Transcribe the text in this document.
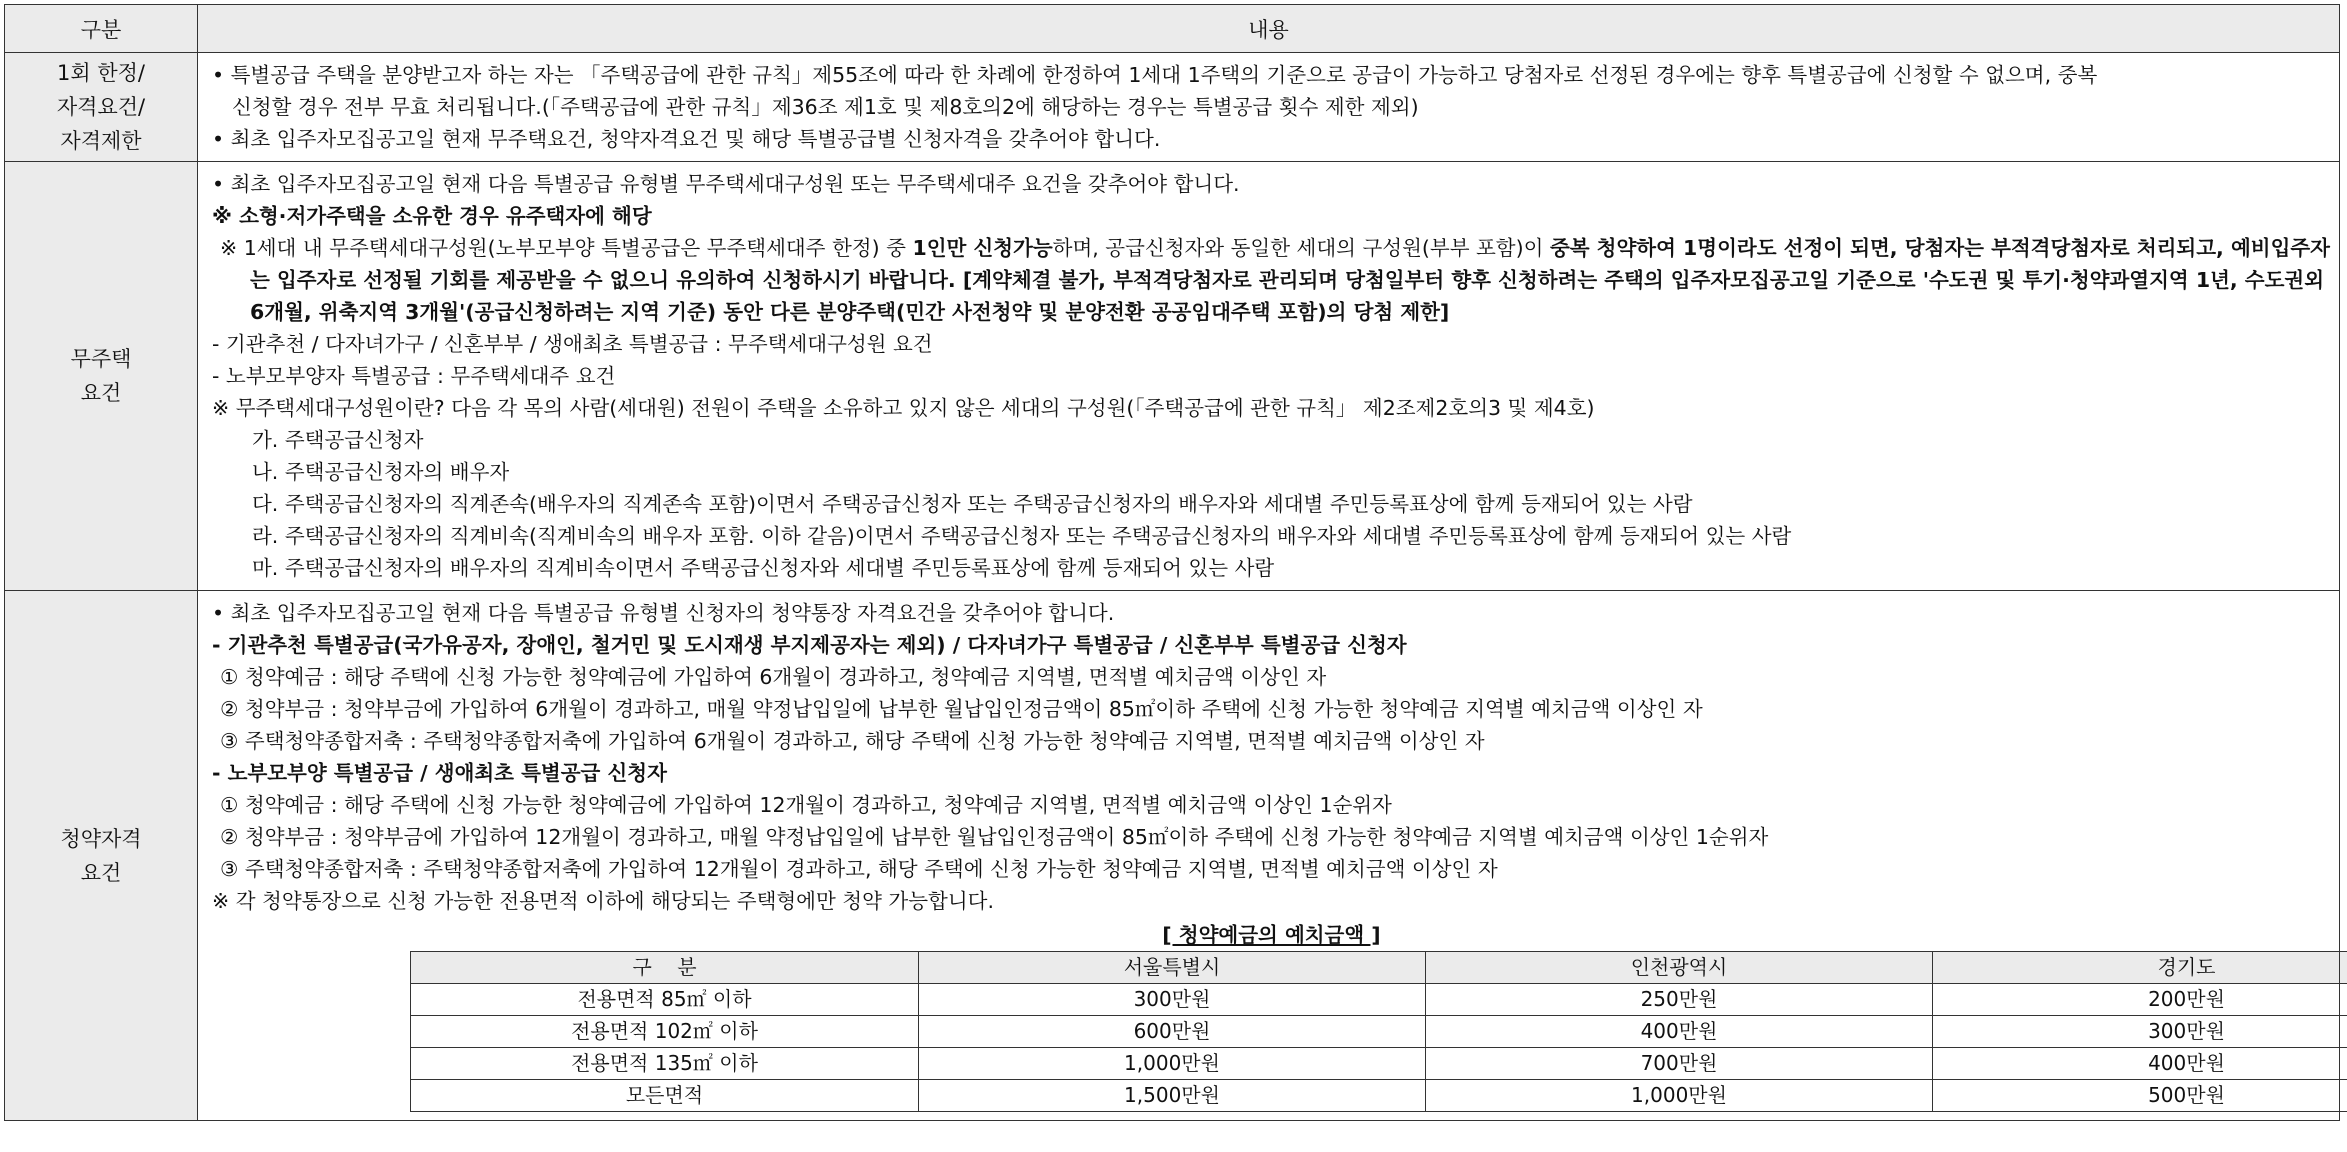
구분	내용

1회 한정/
자격요건/
자격제한

• 특별공급 주택을 분양받고자 하는 자는 「주택공급에 관한 규칙」제55조에 따라 한 차례에 한정하여 1세대 1주택의 기준으로 공급이 가능하고 당첨자로 선정된 경우에는 향후 특별공급에 신청할 수 없으며, 중복
신청할 경우 전부 무효 처리됩니다.(「주택공급에 관한 규칙」제36조 제1호 및 제8호의2에 해당하는 경우는 특별공급 횟수 제한 제외)
• 최초 입주자모집공고일 현재 무주택요건, 청약자격요건 및 해당 특별공급별 신청자격을 갖추어야 합니다.

무주택
요건

• 최초 입주자모집공고일 현재 다음 특별공급 유형별 무주택세대구성원 또는 무주택세대주 요건을 갖추어야 합니다.
※ 소형·저가주택을 소유한 경우 유주택자에 해당
※ 1세대 내 무주택세대구성원(노부모부양 특별공급은 무주택세대주 한정) 중 1인만 신청가능하며, 공급신청자와 동일한 세대의 구성원(부부 포함)이 중복 청약하여 1명이라도 선정이 되면, 당첨자는 부적격당첨자로 처리되고, 예비입주자는 입주자로 선정될 기회를 제공받을 수 없으니 유의하여 신청하시기 바랍니다. [계약체결 불가, 부적격당첨자로 관리되며 당첨일부터 향후 신청하려는 주택의 입주자모집공고일 기준으로 '수도권 및 투기·청약과열지역 1년, 수도권외 6개월, 위축지역 3개월'(공급신청하려는 지역 기준) 동안 다른 분양주택(민간 사전청약 및 분양전환 공공임대주택 포함)의 당첨 제한]
- 기관추천 / 다자녀가구 / 신혼부부 / 생애최초 특별공급 : 무주택세대구성원 요건
- 노부모부양자 특별공급 : 무주택세대주 요건
※ 무주택세대구성원이란? 다음 각 목의 사람(세대원) 전원이 주택을 소유하고 있지 않은 세대의 구성원(「주택공급에 관한 규칙」 제2조제2호의3 및 제4호)
가. 주택공급신청자
나. 주택공급신청자의 배우자
다. 주택공급신청자의 직계존속(배우자의 직계존속 포함)이면서 주택공급신청자 또는 주택공급신청자의 배우자와 세대별 주민등록표상에 함께 등재되어 있는 사람
라. 주택공급신청자의 직계비속(직계비속의 배우자 포함. 이하 같음)이면서 주택공급신청자 또는 주택공급신청자의 배우자와 세대별 주민등록표상에 함께 등재되어 있는 사람
마. 주택공급신청자의 배우자의 직계비속이면서 주택공급신청자와 세대별 주민등록표상에 함께 등재되어 있는 사람

청약자격
요건

• 최초 입주자모집공고일 현재 다음 특별공급 유형별 신청자의 청약통장 자격요건을 갖추어야 합니다.
- 기관추천 특별공급(국가유공자, 장애인, 철거민 및 도시재생 부지제공자는 제외) / 다자녀가구 특별공급 / 신혼부부 특별공급 신청자
① 청약예금 : 해당 주택에 신청 가능한 청약예금에 가입하여 6개월이 경과하고, 청약예금 지역별, 면적별 예치금액 이상인 자
② 청약부금 : 청약부금에 가입하여 6개월이 경과하고, 매월 약정납입일에 납부한 월납입인정금액이 85㎡이하 주택에 신청 가능한 청약예금 지역별 예치금액 이상인 자
③ 주택청약종합저축 : 주택청약종합저축에 가입하여 6개월이 경과하고, 해당 주택에 신청 가능한 청약예금 지역별, 면적별 예치금액 이상인 자
- 노부모부양 특별공급 / 생애최초 특별공급 신청자
① 청약예금 : 해당 주택에 신청 가능한 청약예금에 가입하여 12개월이 경과하고, 청약예금 지역별, 면적별 예치금액 이상인 1순위자
② 청약부금 : 청약부금에 가입하여 12개월이 경과하고, 매월 약정납입일에 납부한 월납입인정금액이 85㎡이하 주택에 신청 가능한 청약예금 지역별 예치금액 이상인 1순위자
③ 주택청약종합저축 : 주택청약종합저축에 가입하여 12개월이 경과하고, 해당 주택에 신청 가능한 청약예금 지역별, 면적별 예치금액 이상인 자
※ 각 청약통장으로 신청 가능한 전용면적 이하에 해당되는 주택형에만 청약 가능합니다.
[ 청약예금의 예치금액 ]
구    분	서울특별시	인천광역시	경기도
전용면적 85㎡ 이하	300만원	250만원	200만원
전용면적 102㎡ 이하	600만원	400만원	300만원
전용면적 135㎡ 이하	1,000만원	700만원	400만원
모든면적	1,500만원	1,000만원	500만원
